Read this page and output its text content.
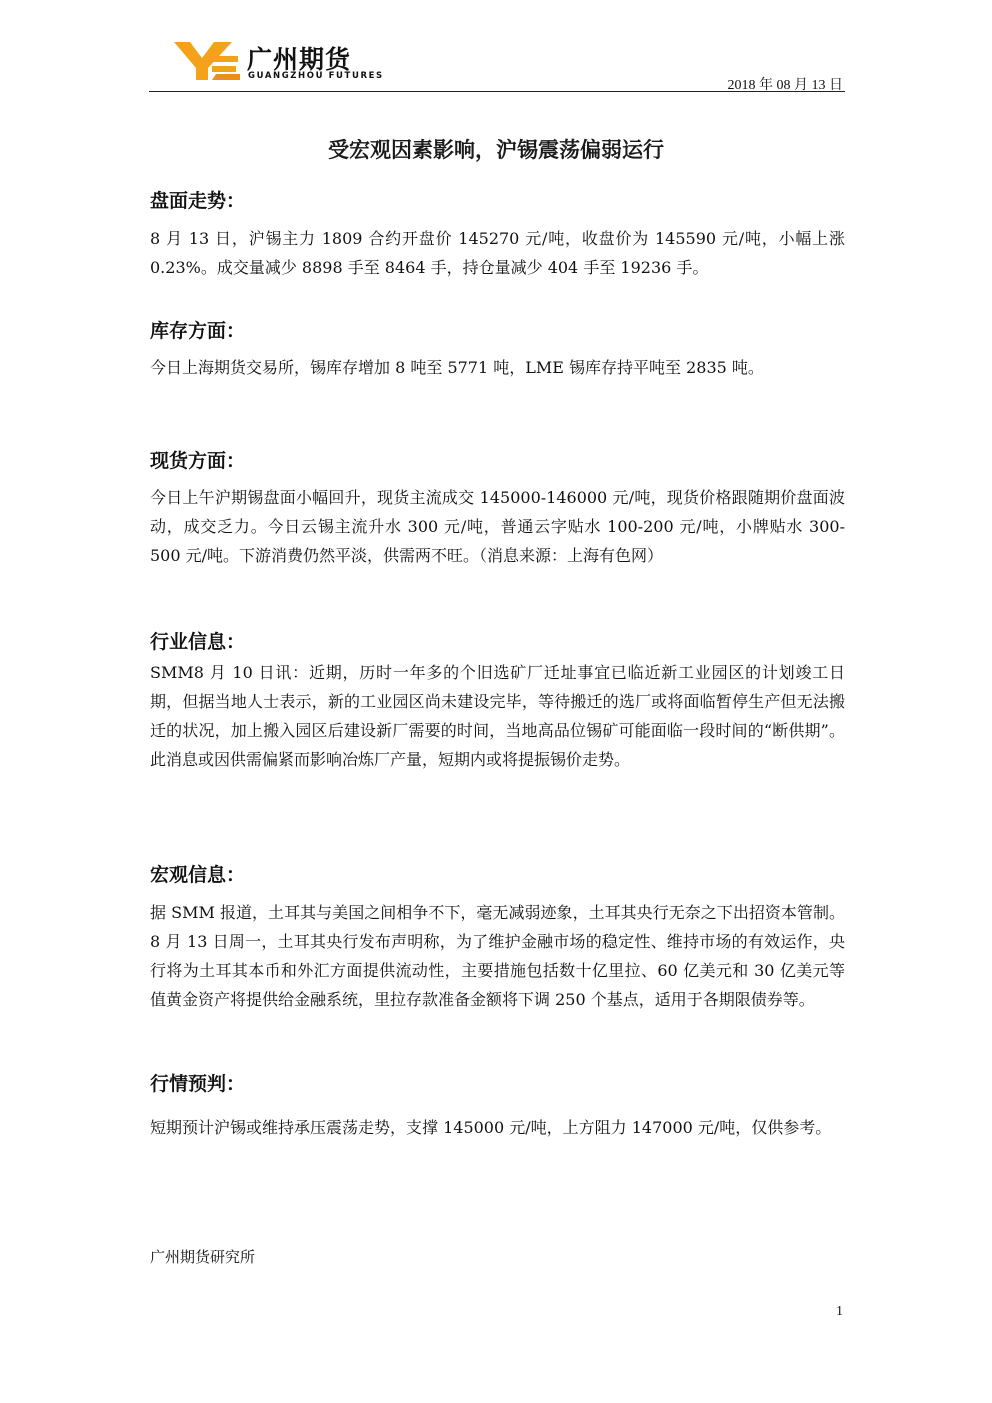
广州期货
GUANGZHOU FUTURES
2018 年 08 月 13 日
受宏观因素影响，沪锡震荡偏弱运行
盘面走势：
8 月 13 日，沪锡主力 1809 合约开盘价 145270 元/吨，收盘价为 145590 元/吨，小幅上涨 0.23%。成交量减少 8898 手至 8464 手，持仓量减少 404 手至 19236 手。
库存方面：
今日上海期货交易所，锡库存增加 8 吨至 5771 吨，LME 锡库存持平吨至 2835 吨。
现货方面：
今日上午沪期锡盘面小幅回升，现货主流成交 145000-146000 元/吨，现货价格跟随期价盘面波动，成交乏力。今日云锡主流升水 300 元/吨，普通云字贴水 100-200 元/吨，小牌贴水 300-500 元/吨。下游消费仍然平淡，供需两不旺。（消息来源：上海有色网）
行业信息：
SMM8 月 10 日讯：近期，历时一年多的个旧选矿厂迁址事宜已临近新工业园区的计划竣工日期，但据当地人士表示，新的工业园区尚未建设完毕，等待搬迁的选厂或将面临暂停生产但无法搬迁的状况，加上搬入园区后建设新厂需要的时间，当地高品位锡矿可能面临一段时间的“断供期”。此消息或因供需偏紧而影响冶炼厂产量，短期内或将提振锡价走势。
宏观信息：
据 SMM 报道，土耳其与美国之间相争不下，毫无减弱迹象，土耳其央行无奈之下出招资本管制。 8 月 13 日周一，土耳其央行发布声明称，为了维护金融市场的稳定性、维持市场的有效运作，央行将为土耳其本币和外汇方面提供流动性，主要措施包括数十亿里拉、60 亿美元和 30 亿美元等值黄金资产将提供给金融系统，里拉存款准备金额将下调 250 个基点，适用于各期限债券等。
行情预判：
短期预计沪锡或维持承压震荡走势，支撑 145000 元/吨，上方阻力 147000 元/吨，仅供参考。
广州期货研究所
1
